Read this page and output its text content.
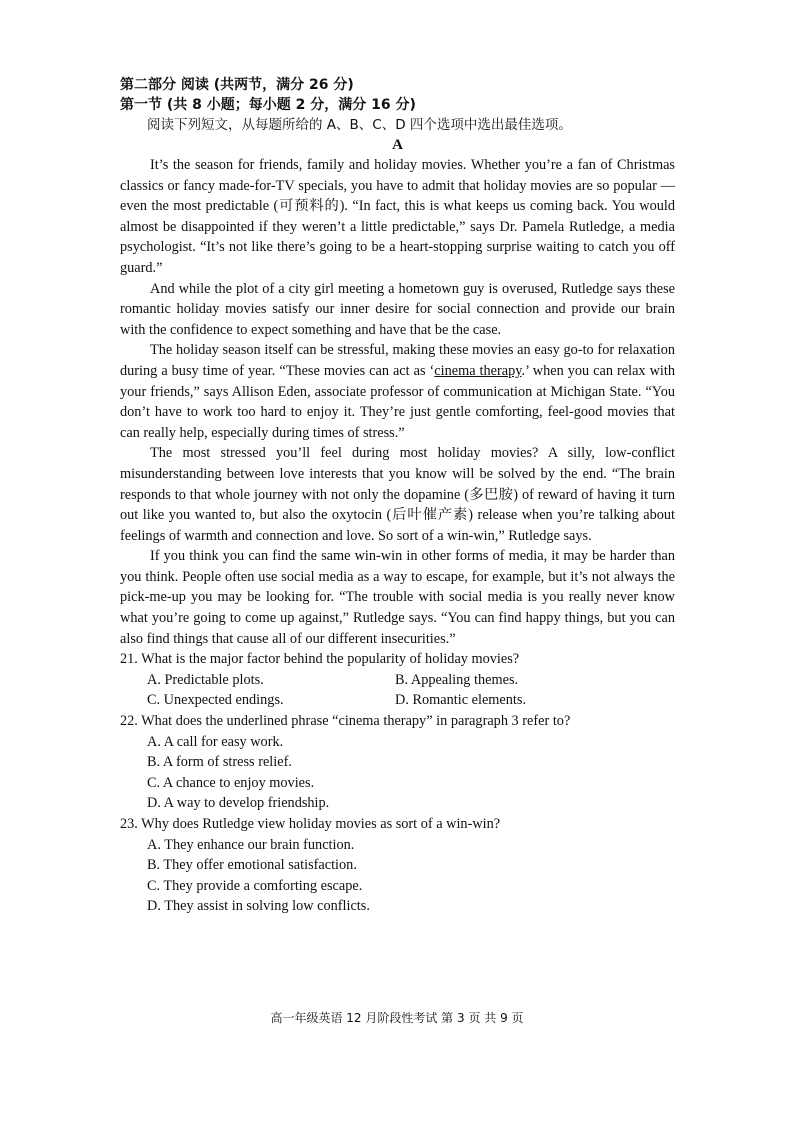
第二部分 阅读 (共两节，满分 26 分)

第一节 (共 8 小题；每小题 2 分，满分 16 分)

阅读下列短文，从每题所给的 A、B、C、D 四个选项中选出最佳选项。

A

It’s the season for friends, family and holiday movies. Whether you’re a fan of Christmas classics or fancy made-for-TV specials, you have to admit that holiday movies are so popular — even the most predictable (可预料的). “In fact, this is what keeps us coming back. You would almost be disappointed if they weren’t a little predictable,” says Dr. Pamela Rutledge, a media psychologist. “It’s not like there’s going to be a heart-stopping surprise waiting to catch you off guard.”

And while the plot of a city girl meeting a hometown guy is overused, Rutledge says these romantic holiday movies satisfy our inner desire for social connection and provide our brain with the confidence to expect something and have that be the case.

The holiday season itself can be stressful, making these movies an easy go-to for relaxation during a busy time of year. “These movies can act as ‘cinema therapy.’ when you can relax with your friends,” says Allison Eden, associate professor of communication at Michigan State. “You don’t have to work too hard to enjoy it. They’re just gentle comforting, feel-good movies that can really help, especially during times of stress.”

The most stressed you’ll feel during most holiday movies? A silly, low-conflict misunderstanding between love interests that you know will be solved by the end. “The brain responds to that whole journey with not only the dopamine (多巴胺) of reward of having it turn out like you wanted to, but also the oxytocin (后叶催产素) release when you’re talking about feelings of warmth and connection and love. So sort of a win-win,” Rutledge says.

If you think you can find the same win-win in other forms of media, it may be harder than you think. People often use social media as a way to escape, for example, but it’s not always the pick-me-up you may be looking for. “The trouble with social media is you really never know what you’re going to come up against,” Rutledge says. “You can find happy things, but you can also find things that cause all of our different insecurities.”

21. What is the major factor behind the popularity of holiday movies?

A. Predictable plots.	B. Appealing themes.
C. Unexpected endings.	D. Romantic elements.

22. What does the underlined phrase “cinema therapy” in paragraph 3 refer to?

A. A call for easy work.
B. A form of stress relief.
C. A chance to enjoy movies.
D. A way to develop friendship.

23. Why does Rutledge view holiday movies as sort of a win-win?

A. They enhance our brain function.
B. They offer emotional satisfaction.
C. They provide a comforting escape.
D. They assist in solving low conflicts.
高一年级英语 12 月阶段性考试 第 3 页 共 9 页
